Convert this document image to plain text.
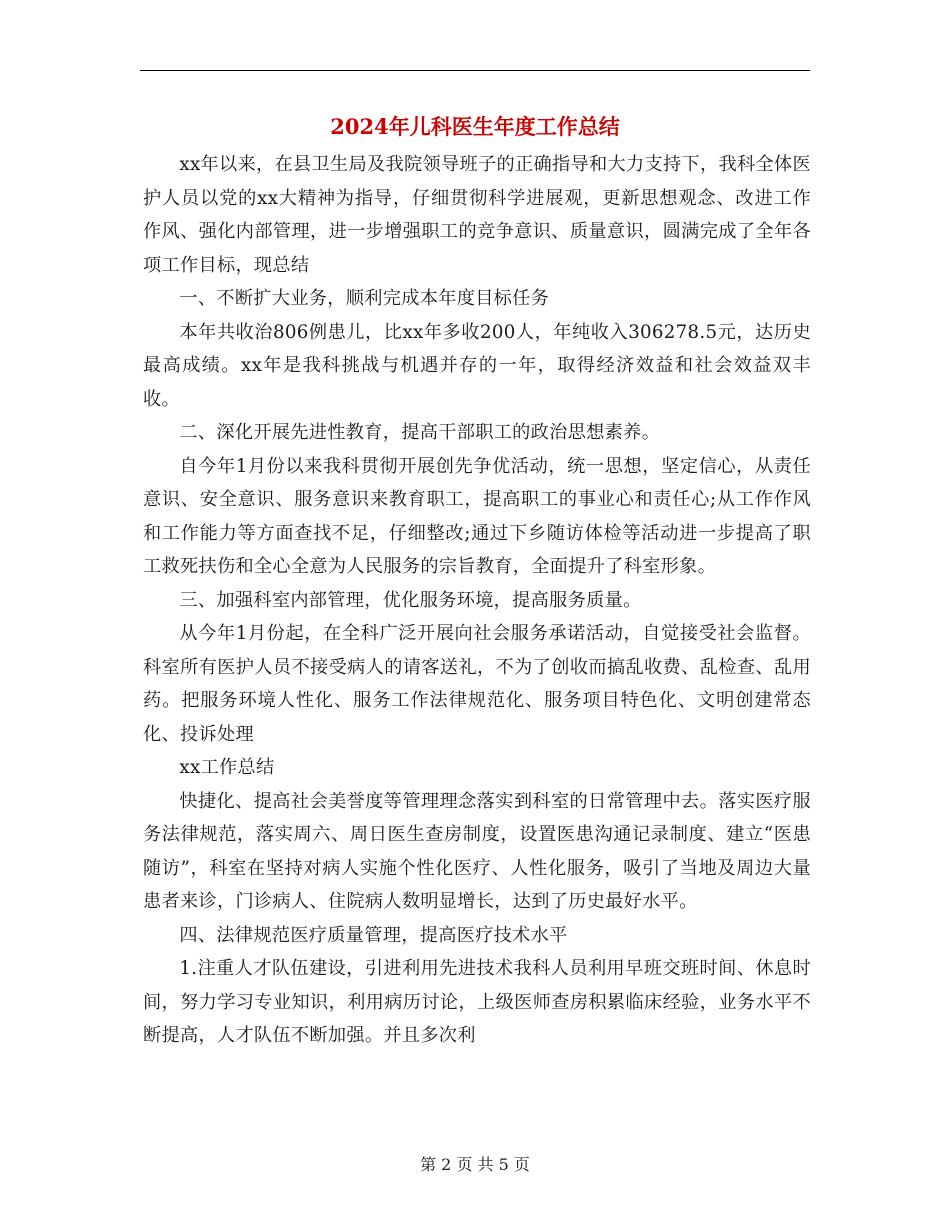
2024年儿科医生年度工作总结

xx年以来，在县卫生局及我院领导班子的正确指导和大力支持下，我科全体医护人员以党的xx大精神为指导，仔细贯彻科学进展观，更新思想观念、改进工作作风、强化内部管理，进一步增强职工的竞争意识、质量意识，圆满完成了全年各项工作目标，现总结

一、不断扩大业务，顺利完成本年度目标任务

本年共收治806例患儿，比xx年多收200人，年纯收入306278.5元，达历史最高成绩。xx年是我科挑战与机遇并存的一年，取得经济效益和社会效益双丰收。

二、深化开展先进性教育，提高干部职工的政治思想素养。

自今年1月份以来我科贯彻开展创先争优活动，统一思想，坚定信心，从责任意识、安全意识、服务意识来教育职工，提高职工的事业心和责任心;从工作作风和工作能力等方面查找不足，仔细整改;通过下乡随访体检等活动进一步提高了职工救死扶伤和全心全意为人民服务的宗旨教育，全面提升了科室形象。

三、加强科室内部管理，优化服务环境，提高服务质量。

从今年1月份起，在全科广泛开展向社会服务承诺活动，自觉接受社会监督。科室所有医护人员不接受病人的请客送礼，不为了创收而搞乱收费、乱检查、乱用药。把服务环境人性化、服务工作法律规范化、服务项目特色化、文明创建常态化、投诉处理

xx工作总结

快捷化、提高社会美誉度等管理理念落实到科室的日常管理中去。落实医疗服务法律规范，落实周六、周日医生查房制度，设置医患沟通记录制度、建立“医患随访”，科室在坚持对病人实施个性化医疗、人性化服务，吸引了当地及周边大量患者来诊，门诊病人、住院病人数明显增长，达到了历史最好水平。

四、法律规范医疗质量管理，提高医疗技术水平

1.注重人才队伍建设，引进利用先进技术我科人员利用早班交班时间、休息时间，努力学习专业知识，利用病历讨论，上级医师查房积累临床经验，业务水平不断提高，人才队伍不断加强。并且多次利

第 2 页 共 5 页
